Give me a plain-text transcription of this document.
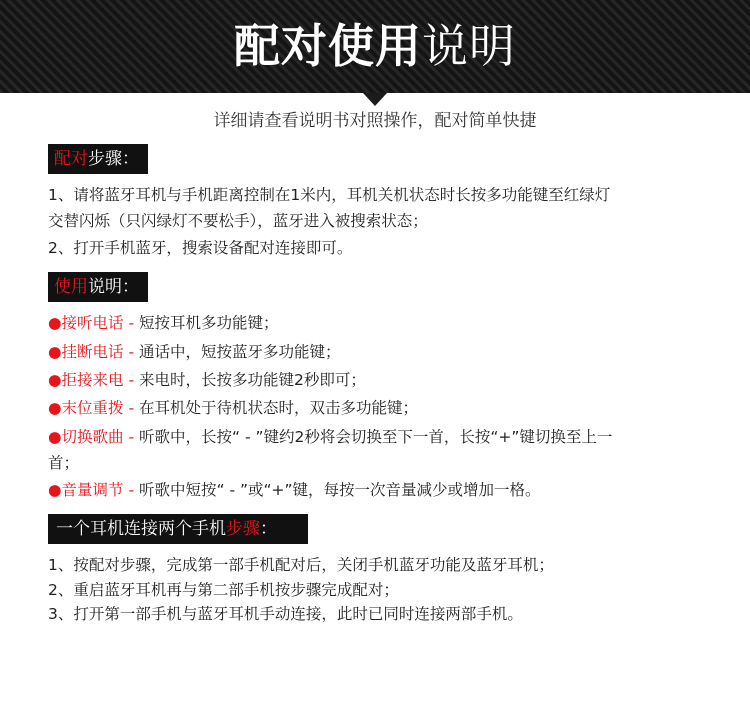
配对使用说明
详细请查看说明书对照操作，配对简单快捷
配对步骤：
1、请将蓝牙耳机与手机距离控制在1米内，耳机关机状态时长按多功能键至红绿灯交替闪烁（只闪绿灯不要松手），蓝牙进入被搜索状态；
2、打开手机蓝牙，搜索设备配对连接即可。
使用说明：
●接听电话 - 短按耳机多功能键；
●挂断电话 - 通话中，短按蓝牙多功能键；
●拒接来电 - 来电时，长按多功能键2秒即可；
●末位重拨 - 在耳机处于待机状态时，双击多功能键；
●切换歌曲 - 听歌中，长按“ - ”键约2秒将会切换至下一首，长按“+”键切换至上一首；
●音量调节 - 听歌中短按“ - ”或“+”键，每按一次音量减少或增加一格。
一个耳机连接两个手机步骤：
1、按配对步骤，完成第一部手机配对后，关闭手机蓝牙功能及蓝牙耳机；
2、重启蓝牙耳机再与第二部手机按步骤完成配对；
3、打开第一部手机与蓝牙耳机手动连接，此时已同时连接两部手机。
